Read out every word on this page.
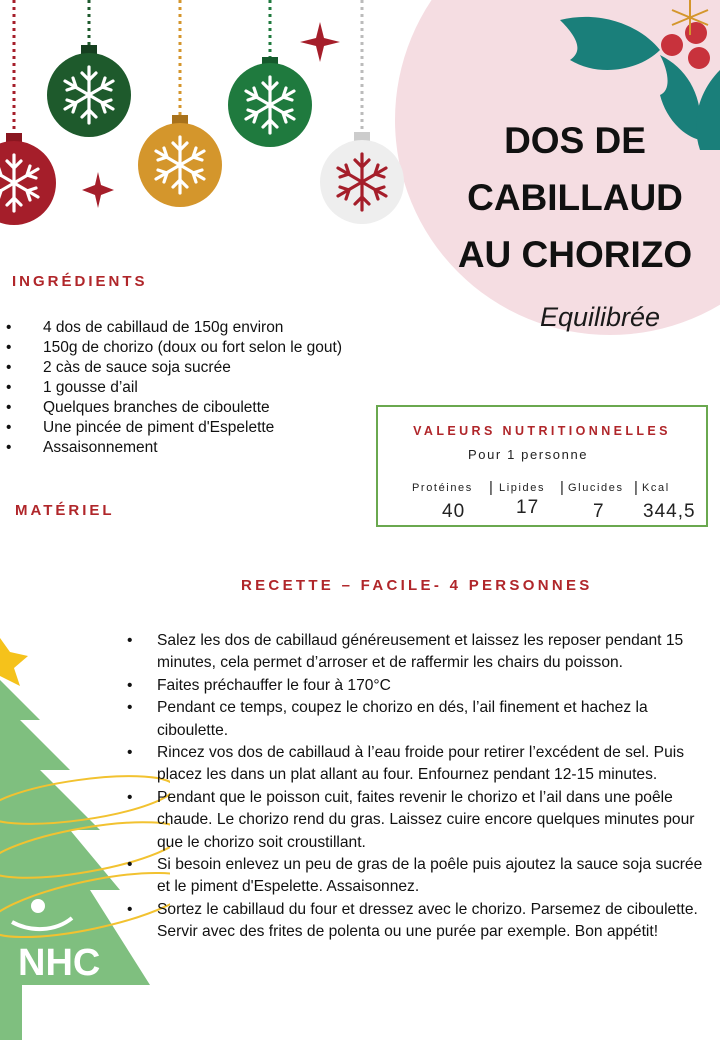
NHC
DOS DE
CABILLAUD
AU CHORIZO
Equilibrée
INGRÉDIENTS
• 4 dos de cabillaud de 150g environ
• 150g de chorizo (doux ou fort selon le gout)
• 2 càs de sauce soja sucrée
• 1 gousse d’ail
• Quelques branches de ciboulette
• Une pincée de piment d'Espelette
• Assaisonnement
MATÉRIEL
VALEURS NUTRITIONNELLES
Pour 1 personne
Protéines | Lipides | Glucides | Kcal
40	17	7 344,5
RECETTE – FACILE- 4 PERSONNES
• Salez les dos de cabillaud généreusement et laissez les reposer pendant 15 minutes, cela permet d’arroser et de raffermir les chairs du poisson.
• Faites préchauffer le four à 170°C
• Pendant ce temps, coupez le chorizo en dés, l’ail finement et hachez la ciboulette.
• Rincez vos dos de cabillaud à l’eau froide pour retirer l’excédent de sel. Puis placez les dans un plat allant au four. Enfournez pendant 12-15 minutes.
• Pendant que le poisson cuit, faites revenir le chorizo et l’ail dans une poêle chaude. Le chorizo rend du gras. Laissez cuire encore quelques minutes pour que le chorizo soit croustillant.
• Si besoin enlevez un peu de gras de la poêle puis ajoutez la sauce soja sucrée et le piment d'Espelette. Assaisonnez.
• Sortez le cabillaud du four et dressez avec le chorizo. Parsemez de ciboulette. Servir avec des frites de polenta ou une purée par exemple. Bon appétit!
